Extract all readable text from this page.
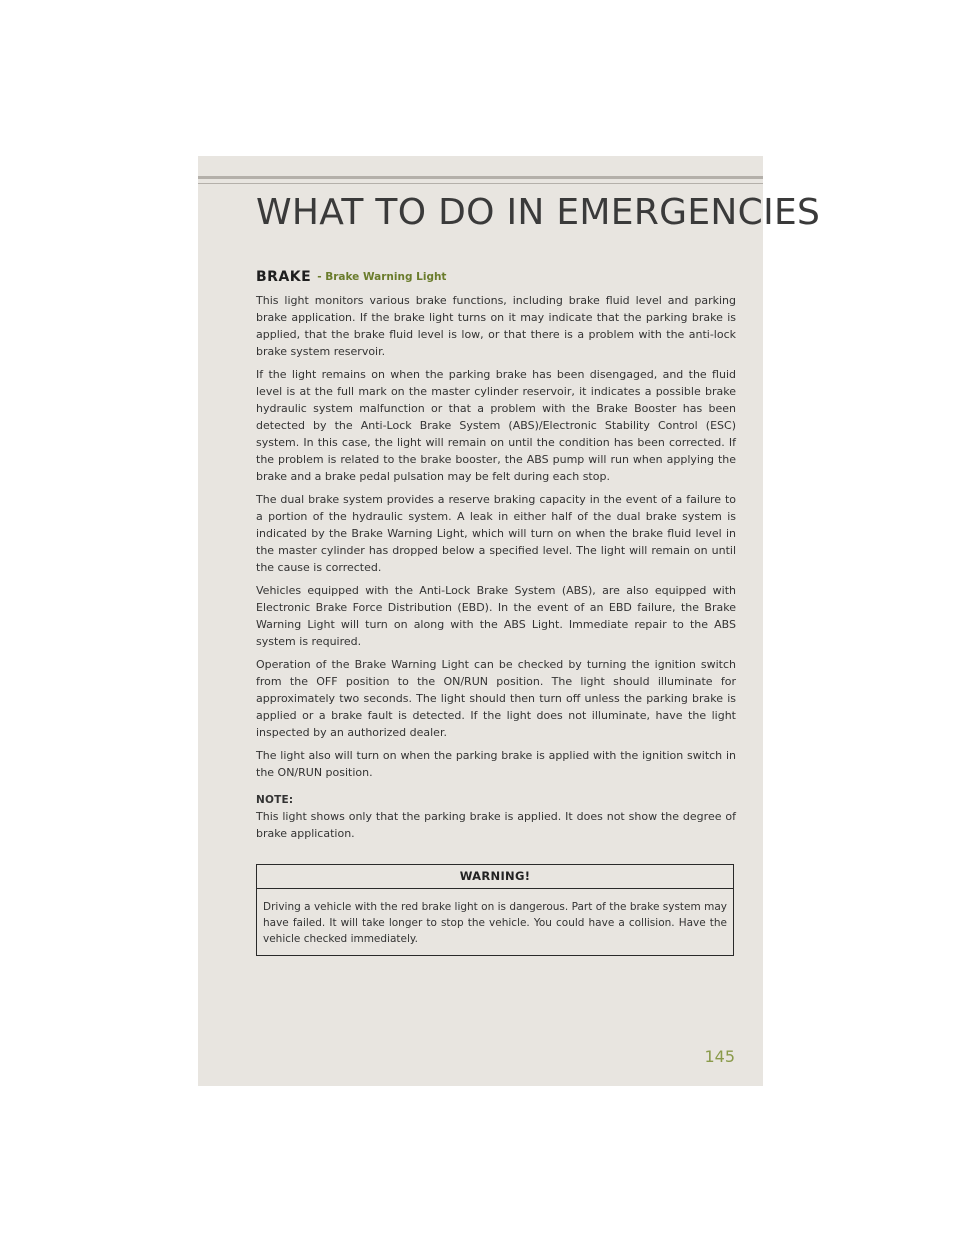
WHAT TO DO IN EMERGENCIES
BRAKE - Brake Warning Light

This light monitors various brake functions, including brake fluid level and parking brake application. If the brake light turns on it may indicate that the parking brake is applied, that the brake fluid level is low, or that there is a problem with the anti-lock brake system reservoir.

If the light remains on when the parking brake has been disengaged, and the fluid level is at the full mark on the master cylinder reservoir, it indicates a possible brake hydraulic system malfunction or that a problem with the Brake Booster has been detected by the Anti-Lock Brake System (ABS)/Electronic Stability Control (ESC) system. In this case, the light will remain on until the condition has been corrected. If the problem is related to the brake booster, the ABS pump will run when applying the brake and a brake pedal pulsation may be felt during each stop.

The dual brake system provides a reserve braking capacity in the event of a failure to a portion of the hydraulic system. A leak in either half of the dual brake system is indicated by the Brake Warning Light, which will turn on when the brake fluid level in the master cylinder has dropped below a specified level. The light will remain on until the cause is corrected.

Vehicles equipped with the Anti-Lock Brake System (ABS), are also equipped with Electronic Brake Force Distribution (EBD). In the event of an EBD failure, the Brake Warning Light will turn on along with the ABS Light. Immediate repair to the ABS system is required.

Operation of the Brake Warning Light can be checked by turning the ignition switch from the OFF position to the ON/RUN position. The light should illuminate for approximately two seconds. The light should then turn off unless the parking brake is applied or a brake fault is detected. If the light does not illuminate, have the light inspected by an authorized dealer.

The light also will turn on when the parking brake is applied with the ignition switch in the ON/RUN position.

NOTE:

This light shows only that the parking brake is applied. It does not show the degree of brake application.

WARNING!

Driving a vehicle with the red brake light on is dangerous. Part of the brake system may have failed. It will take longer to stop the vehicle. You could have a collision. Have the vehicle checked immediately.

145
